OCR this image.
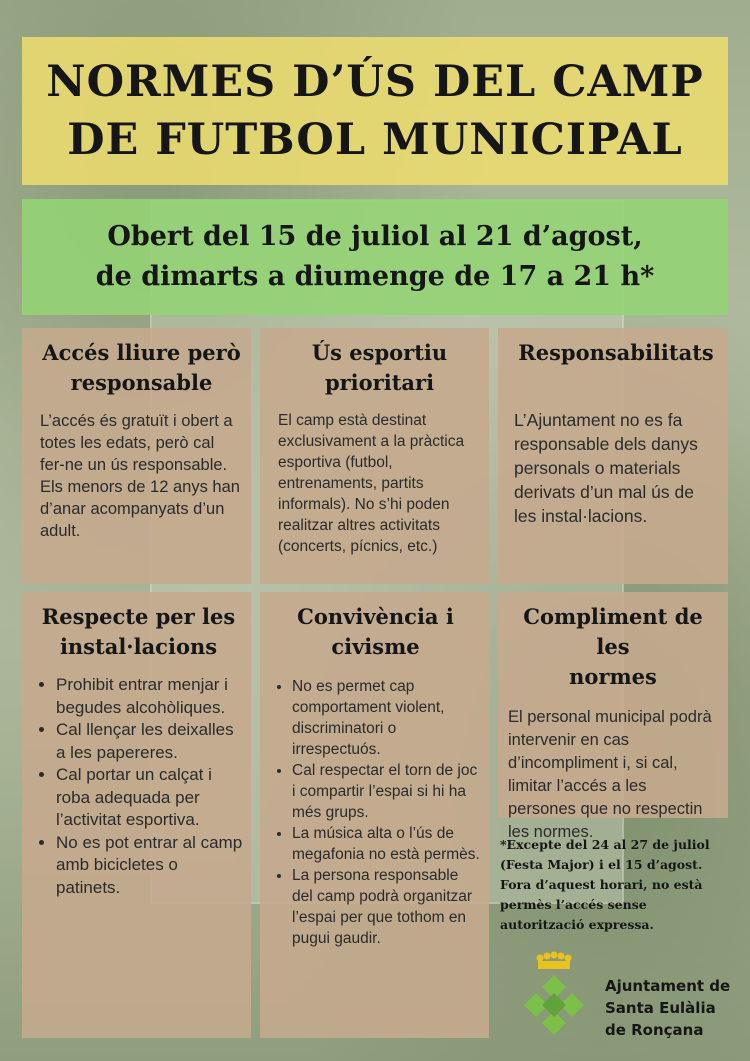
NORMES D’ÚS DEL CAMP
DE FUTBOL MUNICIPAL
Obert del 15 de juliol al 21 d’agost,
de dimarts a diumenge de 17 a 21 h*
Accés lliure però
responsable

L’accés és gratuït i obert a totes les edats, però cal fer-ne un ús responsable.

Els menors de 12 anys han d’anar acompanyats d’un adult.

Ús esportiu
prioritari

El camp està destinat exclusivament a la pràctica esportiva (futbol, entrenaments, partits informals). No s’hi poden realitzar altres activitats (concerts, pícnics, etc.)

Responsabilitats

L’Ajuntament no es fa responsable dels danys personals o materials derivats d’un mal ús de les instal·lacions.

Respecte per les
instal·lacions
• Prohibit entrar menjar i begudes alcohòliques.
• Cal llençar les deixalles a les papereres.
• Cal portar un calçat i roba adequada per l’activitat esportiva.
• No es pot entrar al camp amb bicicletes o patinets.
Convivència i
civisme
• No es permet cap comportament violent, discriminatori o irrespectuós.
• Cal respectar el torn de joc i compartir l’espai si hi ha més grups.
• La música alta o l’ús de megafonia no està permès.
• La persona responsable del camp podrà organitzar l’espai per que tothom en pugui gaudir.
Compliment de les
normes

El personal municipal podrà intervenir en cas d’incompliment i, si cal, limitar l’accés a les persones que no respectin les normes.

*Excepte del 24 al 27 de juliol (Festa Major) i el 15 d’agost. Fora d’aquest horari, no està permès l’accés sense autorització expressa.
Ajuntament de
Santa Eulàlia
de Ronçana
